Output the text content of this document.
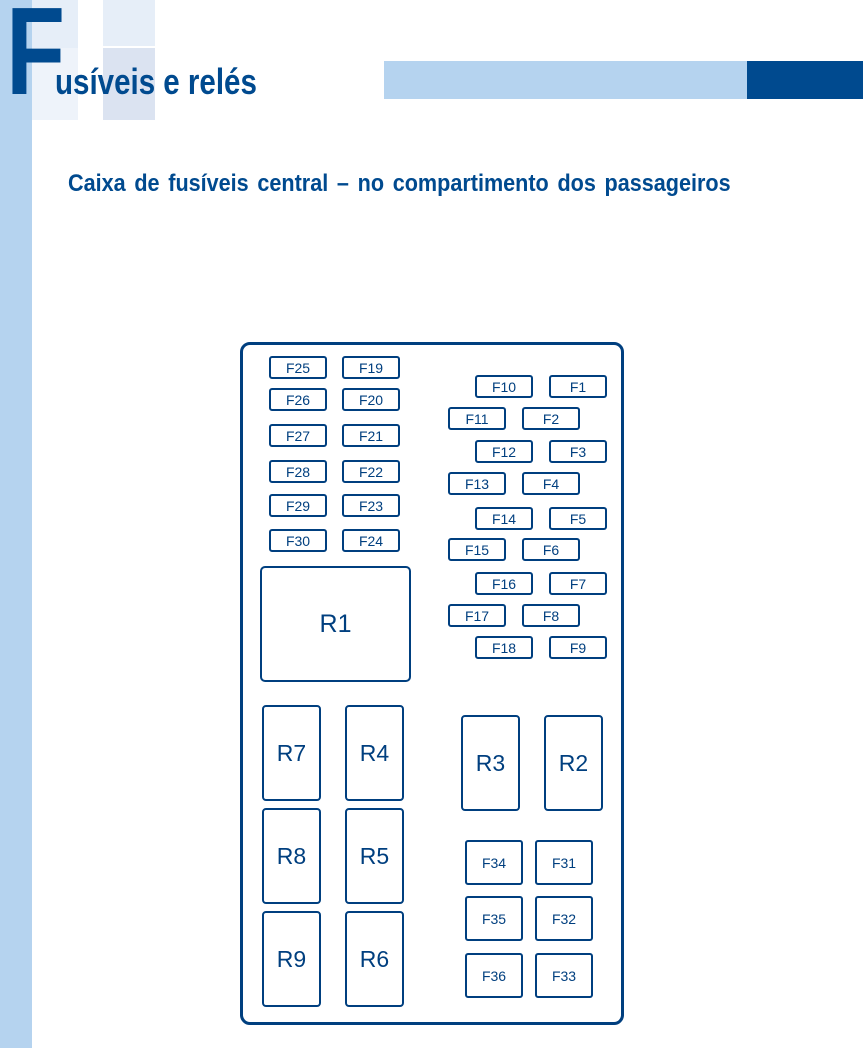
F
usíveis e relés
Caixa de fusíveis central – no compartimento dos passageiros
F25	F19
F26	F20
F27	F21
F28	F22
F29	F23
F30	F24
F10	F1
F11	F2
F12	F3
F13	F4
F14	F5
F15	F6
F16	F7
F17	F8
F18	F9
R1
R7
R8
R9
R4
R5
R6
R3	R2
F34	F31
F35	F32
F36	F33
